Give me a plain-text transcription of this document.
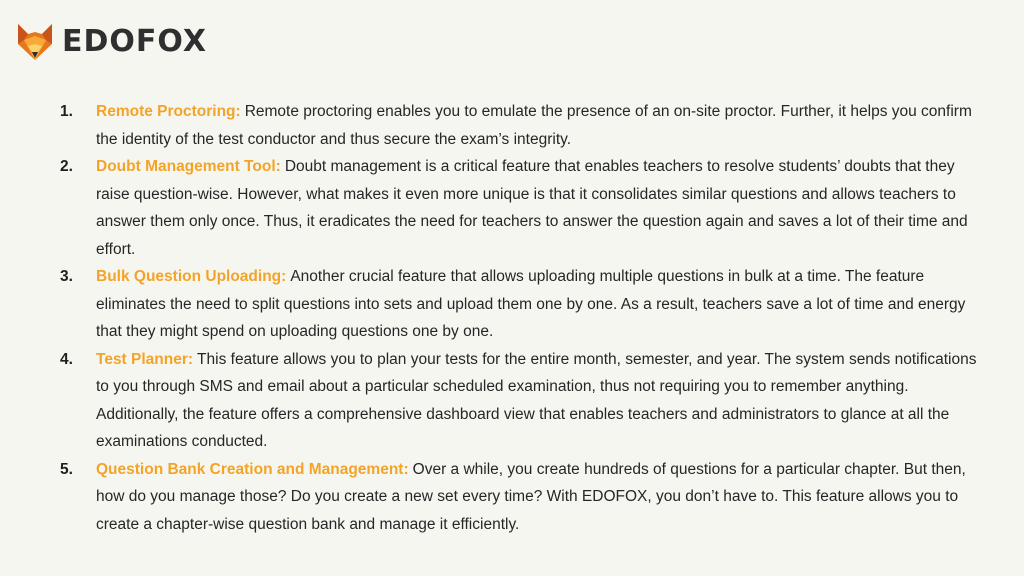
EDOFOX
1. Remote Proctoring: Remote proctoring enables you to emulate the presence of an on-site proctor. Further, it helps you confirm the identity of the test conductor and thus secure the exam’s integrity.
2. Doubt Management Tool: Doubt management is a critical feature that enables teachers to resolve students’ doubts that they raise question-wise. However, what makes it even more unique is that it consolidates similar questions and allows teachers to answer them only once. Thus, it eradicates the need for teachers to answer the question again and saves a lot of their time and effort.
3. Bulk Question Uploading: Another crucial feature that allows uploading multiple questions in bulk at a time. The feature eliminates the need to split questions into sets and upload them one by one. As a result, teachers save a lot of time and energy that they might spend on uploading questions one by one.
4. Test Planner: This feature allows you to plan your tests for the entire month, semester, and year. The system sends notifications to you through SMS and email about a particular scheduled examination, thus not requiring you to remember anything. Additionally, the feature offers a comprehensive dashboard view that enables teachers and administrators to glance at all the examinations conducted.
5. Question Bank Creation and Management: Over a while, you create hundreds of questions for a particular chapter. But then, how do you manage those? Do you create a new set every time? With EDOFOX, you don’t have to. This feature allows you to create a chapter-wise question bank and manage it efficiently.
